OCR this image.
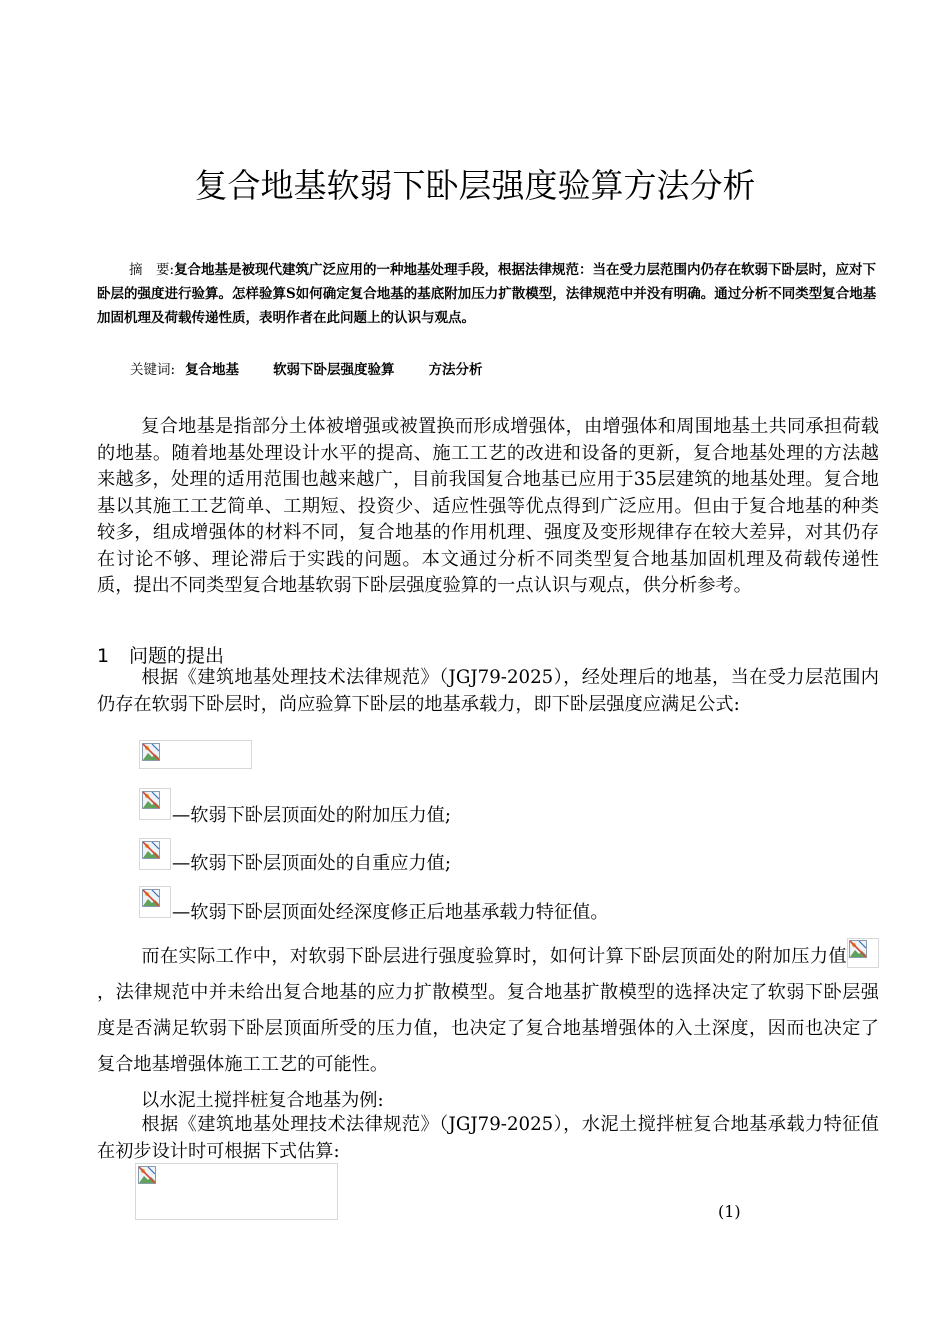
复合地基软弱下卧层强度验算方法分析
摘　要:复合地基是被现代建筑广泛应用的一种地基处理手段，根据法律规范：当在受力层范围内仍存在软弱下卧层时，应对下卧层的强度进行验算。怎样验算S如何确定复合地基的基底附加压力扩散模型，法律规范中并没有明确。通过分析不同类型复合地基加固机理及荷载传递性质，表明作者在此问题上的认识与观点。
关键词: 复合地基	软弱下卧层强度验算	方法分析
复合地基是指部分土体被增强或被置换而形成增强体，由增强体和周围地基土共同承担荷载的地基。随着地基处理设计水平的提高、施工工艺的改进和设备的更新，复合地基处理的方法越来越多，处理的适用范围也越来越广，目前我国复合地基已应用于35层建筑的地基处理。复合地基以其施工工艺简单、工期短、投资少、适应性强等优点得到广泛应用。但由于复合地基的种类较多，组成增强体的材料不同，复合地基的作用机理、强度及变形规律存在较大差异，对其仍存在讨论不够、理论滞后于实践的问题。本文通过分析不同类型复合地基加固机理及荷载传递性质，提出不同类型复合地基软弱下卧层强度验算的一点认识与观点，供分析参考。
1 问题的提出
根据《建筑地基处理技术法律规范》（JGJ79-2025），经处理后的地基，当在受力层范围内仍存在软弱下卧层时，尚应验算下卧层的地基承载力，即下卧层强度应满足公式:
—软弱下卧层顶面处的附加压力值;
—软弱下卧层顶面处的自重应力值;
—软弱下卧层顶面处经深度修正后地基承载力特征值。
而在实际工作中，对软弱下卧层进行强度验算时，如何计算下卧层顶面处的附加压力值
，法律规范中并未给出复合地基的应力扩散模型。复合地基扩散模型的选择决定了软弱下卧层强度是否满足软弱下卧层顶面所受的压力值，也决定了复合地基增强体的入土深度，因而也决定了复合地基增强体施工工艺的可能性。
以水泥土搅拌桩复合地基为例:
根据《建筑地基处理技术法律规范》（JGJ79-2025），水泥土搅拌桩复合地基承载力特征值在初步设计时可根据下式估算:
(1)
